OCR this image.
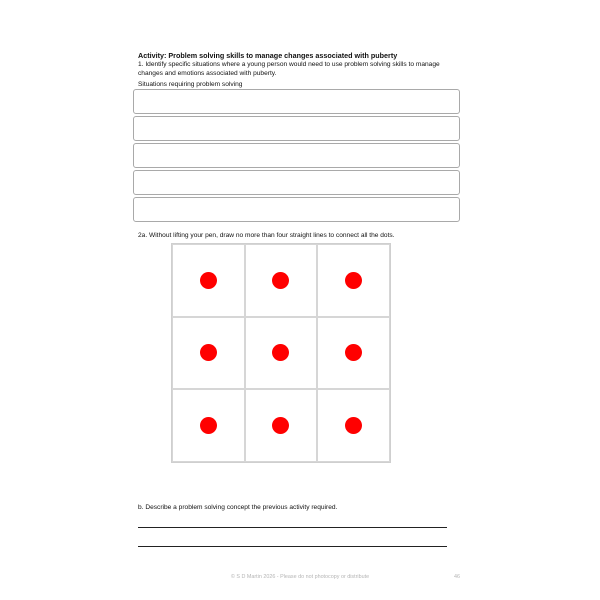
Activity: Problem solving skills to manage changes associated with puberty
1. Identify specific situations where a young person would need to use problem solving skills to manage changes and emotions associated with puberty.
Situations requiring problem solving
2a. Without lifting your pen, draw no more than four straight lines to connect all the dots.
b. Describe a problem solving concept the previous activity required.
© S D Martin 2026 - Please do not photocopy or distribute	46
